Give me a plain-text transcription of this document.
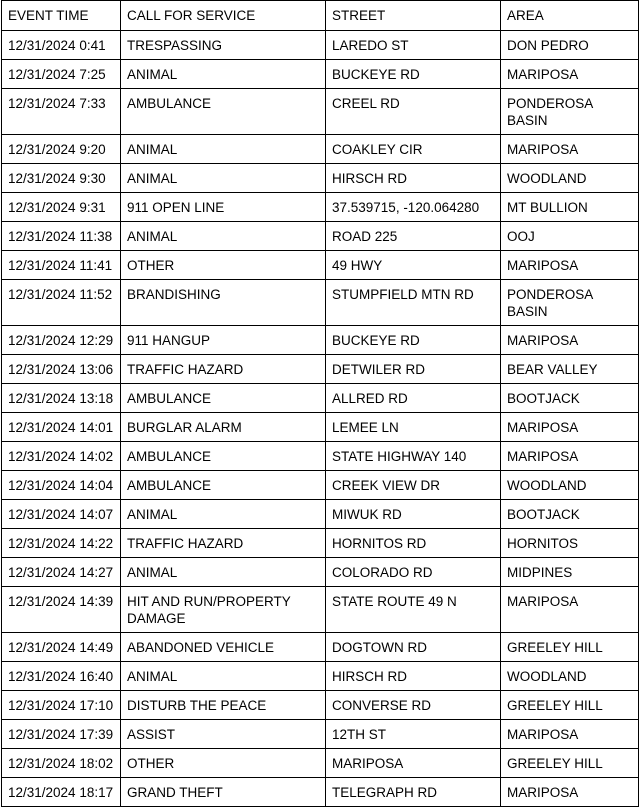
EVENT TIME	CALL FOR SERVICE	STREET	AREA
12/31/2024 0:41	TRESPASSING	LAREDO ST	DON PEDRO
12/31/2024 7:25	ANIMAL	BUCKEYE RD	MARIPOSA
12/31/2024 7:33	AMBULANCE	CREEL RD	PONDEROSA BASIN
12/31/2024 9:20	ANIMAL	COAKLEY CIR	MARIPOSA
12/31/2024 9:30	ANIMAL	HIRSCH RD	WOODLAND
12/31/2024 9:31	911 OPEN LINE	37.539715, -120.064280	MT BULLION
12/31/2024 11:38	ANIMAL	ROAD 225	OOJ
12/31/2024 11:41	OTHER	49 HWY	MARIPOSA
12/31/2024 11:52	BRANDISHING	STUMPFIELD MTN RD	PONDEROSA BASIN
12/31/2024 12:29	911 HANGUP	BUCKEYE RD	MARIPOSA
12/31/2024 13:06	TRAFFIC HAZARD	DETWILER RD	BEAR VALLEY
12/31/2024 13:18	AMBULANCE	ALLRED RD	BOOTJACK
12/31/2024 14:01	BURGLAR ALARM	LEMEE LN	MARIPOSA
12/31/2024 14:02	AMBULANCE	STATE HIGHWAY 140	MARIPOSA
12/31/2024 14:04	AMBULANCE	CREEK VIEW DR	WOODLAND
12/31/2024 14:07	ANIMAL	MIWUK RD	BOOTJACK
12/31/2024 14:22	TRAFFIC HAZARD	HORNITOS RD	HORNITOS
12/31/2024 14:27	ANIMAL	COLORADO RD	MIDPINES
12/31/2024 14:39	HIT AND RUN/PROPERTY DAMAGE	STATE ROUTE 49 N	MARIPOSA
12/31/2024 14:49	ABANDONED VEHICLE	DOGTOWN RD	GREELEY HILL
12/31/2024 16:40	ANIMAL	HIRSCH RD	WOODLAND
12/31/2024 17:10	DISTURB THE PEACE	CONVERSE RD	GREELEY HILL
12/31/2024 17:39	ASSIST	12TH ST	MARIPOSA
12/31/2024 18:02	OTHER	MARIPOSA	GREELEY HILL
12/31/2024 18:17	GRAND THEFT	TELEGRAPH RD	MARIPOSA
